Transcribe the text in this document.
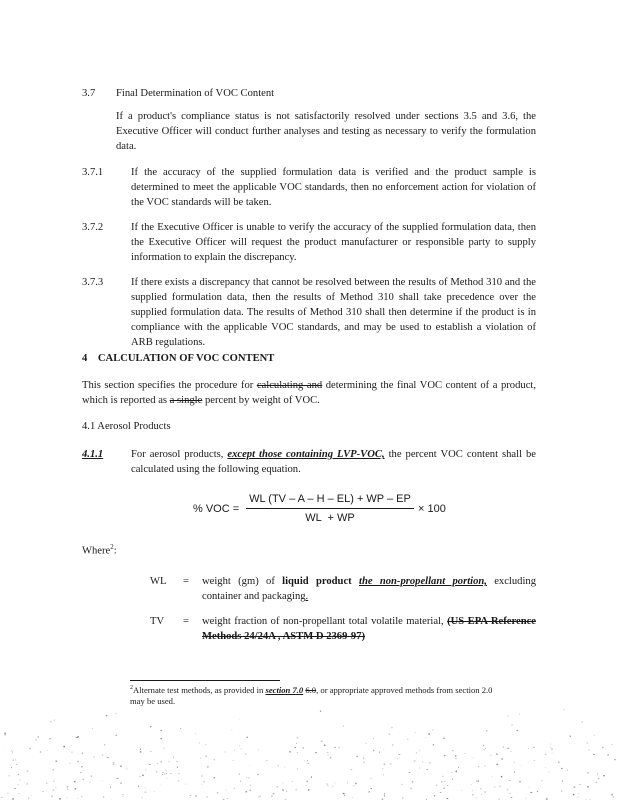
3.7 Final Determination of VOC Content
If a product's compliance status is not satisfactorily resolved under sections 3.5 and 3.6, the Executive Officer will conduct further analyses and testing as necessary to verify the formulation data.
3.7.1	If the accuracy of the supplied formulation data is verified and the product sample is determined to meet the applicable VOC standards, then no enforcement action for violation of the VOC standards will be taken.
3.7.2	If the Executive Officer is unable to verify the accuracy of the supplied formulation data, then the Executive Officer will request the product manufacturer or responsible party to supply information to explain the discrepancy.
3.7.3	If there exists a discrepancy that cannot be resolved between the results of Method 310 and the supplied formulation data, then the results of Method 310 shall take precedence over the supplied formulation data. The results of Method 310 shall then determine if the product is in compliance with the applicable VOC standards, and may be used to establish a violation of ARB regulations.
4    CALCULATION OF VOC CONTENT
This section specifies the procedure for calculating and determining the final VOC content of a product, which is reported as a single percent by weight of VOC.
4.1 Aerosol Products
4.1.1	For aerosol products, except those containing LVP-VOC, the percent VOC content shall be calculated using the following equation.
% VOC =
WL (TV – A – H – EL) + WP – EP
WL  + WP
× 100
Where$^2$:
WL = weight (gm) of liquid product the non-propellant portion, excluding container and packaging.
TV = weight fraction of non-propellant total volatile material, (US EPA Reference Methods 24/24A , ASTM D 2369-97)
$^2$Alternate test methods, as provided in section 7.0 6.0, or appropriate approved methods from section 2.0 may be used.
